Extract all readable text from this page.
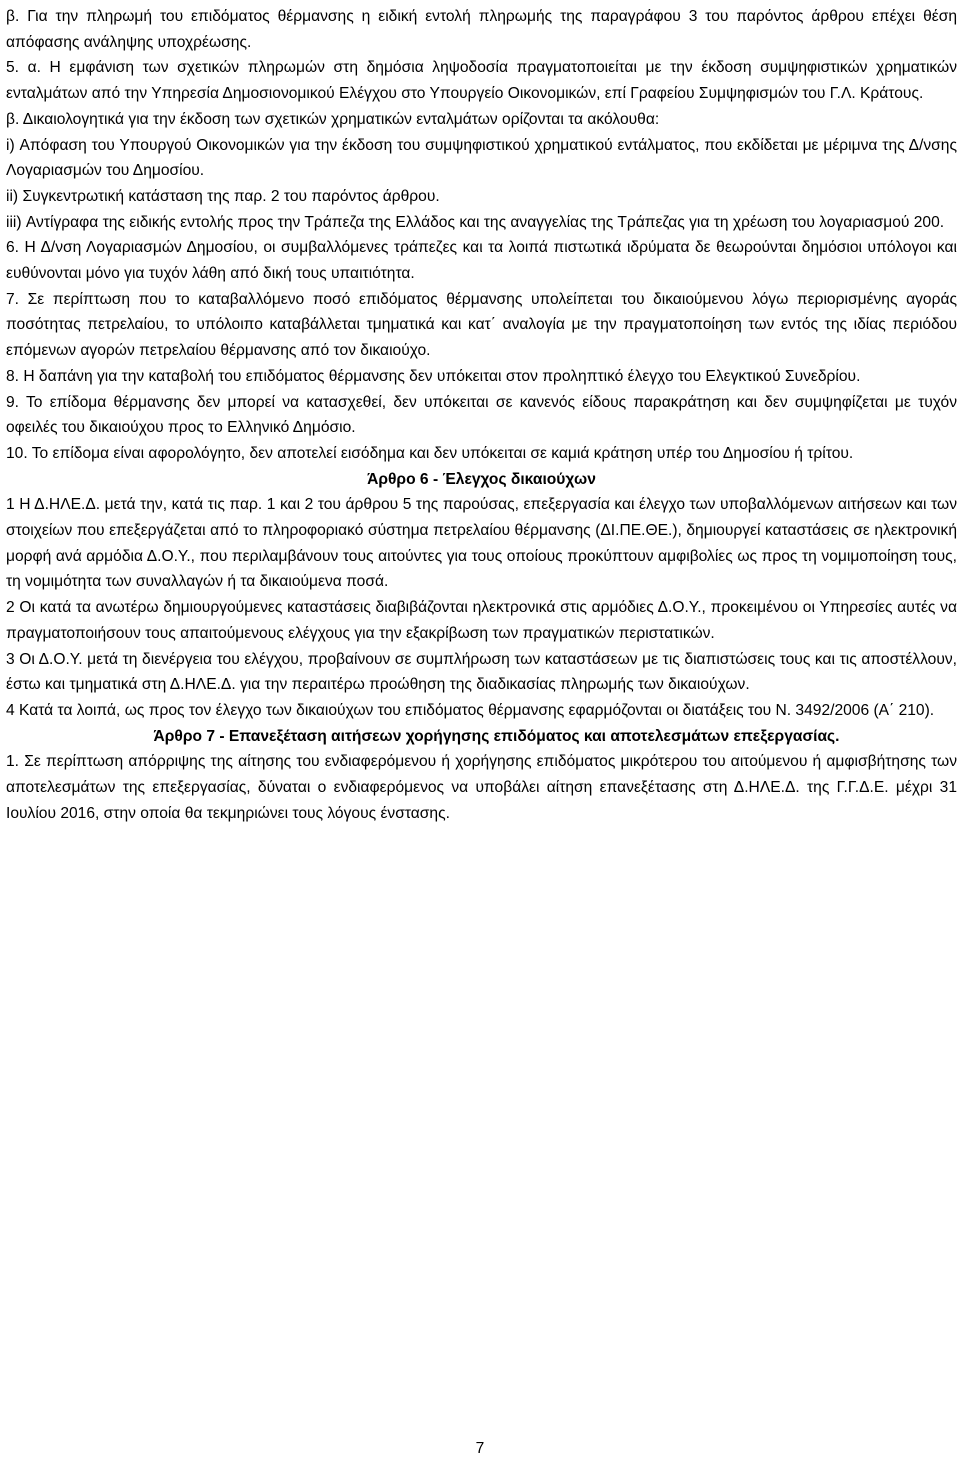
β. Για την πληρωμή του επιδόματος θέρμανσης η ειδική εντολή πληρωμής της παραγράφου 3 του παρόντος άρθρου επέχει θέση απόφασης ανάληψης υποχρέωσης.

5. α. Η εμφάνιση των σχετικών πληρωμών στη δημόσια ληψοδοσία πραγματοποιείται με την έκδοση συμψηφιστικών χρηματικών ενταλμάτων από την Υπηρεσία Δημοσιονομικού Ελέγχου στο Υπουργείο Οικονομικών, επί Γραφείου Συμψηφισμών του Γ.Λ. Κράτους.

β. Δικαιολογητικά για την έκδοση των σχετικών χρηματικών ενταλμάτων ορίζονται τα ακόλουθα:

i) Απόφαση του Υπουργού Οικονομικών για την έκδοση του συμψηφιστικού χρηματικού εντάλματος, που εκδίδεται με μέριμνα της Δ/νσης Λογαριασμών του Δημοσίου.

ii) Συγκεντρωτική κατάσταση της παρ. 2 του παρόντος άρθρου.

iii) Αντίγραφα της ειδικής εντολής προς την Τράπεζα της Ελλάδος και της αναγγελίας της Τράπεζας για τη χρέωση του λογαριασμού 200.

6. Η Δ/νση Λογαριασμών Δημοσίου, οι συμβαλλόμενες τράπεζες και τα λοιπά πιστωτικά ιδρύματα δε θεωρούνται δημόσιοι υπόλογοι και ευθύνονται μόνο για τυχόν λάθη από δική τους υπαιτιότητα.

7. Σε περίπτωση που το καταβαλλόμενο ποσό επιδόματος θέρμανσης υπολείπεται του δικαιούμενου λόγω περιορισμένης αγοράς ποσότητας πετρελαίου, το υπόλοιπο καταβάλλεται τμηματικά και κατ΄ αναλογία με την πραγματοποίηση των εντός της ιδίας περιόδου επόμενων αγορών πετρελαίου θέρμανσης από τον δικαιούχο.

8. Η δαπάνη για την καταβολή του επιδόματος θέρμανσης δεν υπόκειται στον προληπτικό έλεγχο του Ελεγκτικού Συνεδρίου.

9. Το επίδομα θέρμανσης δεν μπορεί να κατασχεθεί, δεν υπόκειται σε κανενός είδους παρακράτηση και δεν συμψηφίζεται με τυχόν οφειλές του δικαιούχου προς το Ελληνικό Δημόσιο.

10. Το επίδομα είναι αφορολόγητο, δεν αποτελεί εισόδημα και δεν υπόκειται σε καμιά κράτηση υπέρ του Δημοσίου ή τρίτου.

Άρθρο 6 - Έλεγχος δικαιούχων

1 Η Δ.ΗΛΕ.Δ. μετά την, κατά τις παρ. 1 και 2 του άρθρου 5 της παρούσας, επεξεργασία και έλεγχο των υποβαλλόμενων αιτήσεων και των στοιχείων που επεξεργάζεται από το πληροφοριακό σύστημα πετρελαίου θέρμανσης (ΔΙ.ΠΕ.ΘΕ.), δημιουργεί καταστάσεις σε ηλεκτρονική μορφή ανά αρμόδια Δ.Ο.Υ., που περιλαμβάνουν τους αιτούντες για τους οποίους προκύπτουν αμφιβολίες ως προς τη νομιμοποίηση τους, τη νομιμότητα των συναλλαγών ή τα δικαιούμενα ποσά.

2 Οι κατά τα ανωτέρω δημιουργούμενες καταστάσεις διαβιβάζονται ηλεκτρονικά στις αρμόδιες Δ.Ο.Υ., προκειμένου οι Υπηρεσίες αυτές να πραγματοποιήσουν τους απαιτούμενους ελέγχους για την εξακρίβωση των πραγματικών περιστατικών.

3 Οι Δ.Ο.Υ. μετά τη διενέργεια του ελέγχου, προβαίνουν σε συμπλήρωση των καταστάσεων με τις διαπιστώσεις τους και τις αποστέλλουν, έστω και τμηματικά στη Δ.ΗΛΕ.Δ. για την περαιτέρω προώθηση της διαδικασίας πληρωμής των δικαιούχων.

4 Κατά τα λοιπά, ως προς τον έλεγχο των δικαιούχων του επιδόματος θέρμανσης εφαρμόζονται οι διατάξεις του Ν. 3492/2006 (Α΄ 210).

Άρθρο 7 - Επανεξέταση αιτήσεων χορήγησης επιδόματος και αποτελεσμάτων επεξεργασίας.

1. Σε περίπτωση απόρριψης της αίτησης του ενδιαφερόμενου ή χορήγησης επιδόματος μικρότερου του αιτούμενου ή αμφισβήτησης των αποτελεσμάτων της επεξεργασίας, δύναται ο ενδιαφερόμενος να υποβάλει αίτηση επανεξέτασης στη Δ.ΗΛΕ.Δ. της Γ.Γ.Δ.Ε. μέχρι 31 Ιουλίου 2016, στην οποία θα τεκμηριώνει τους λόγους ένστασης.

7
